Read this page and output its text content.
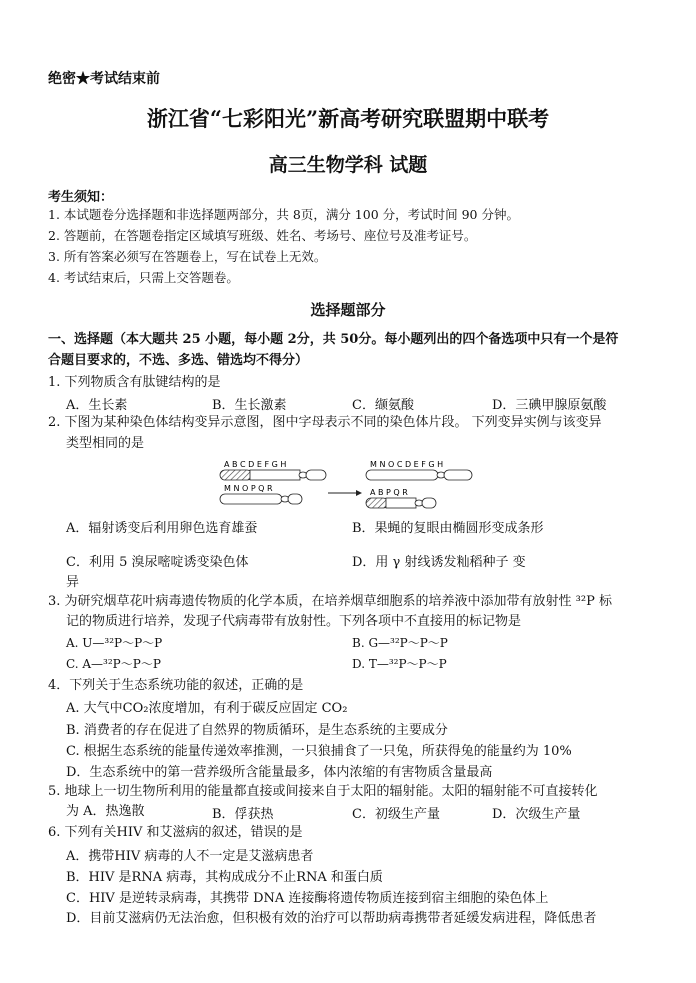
绝密★考试结束前
浙江省“七彩阳光”新高考研究联盟期中联考
高三生物学科 试题
考生须知：
1. 本试题卷分选择题和非选择题两部分，共 8页，满分 100 分，考试时间 90 分钟。
2. 答题前，在答题卷指定区域填写班级、姓名、考场号、座位号及准考证号。
3. 所有答案必须写在答题卷上，写在试卷上无效。
4. 考试结束后，只需上交答题卷。
选择题部分
一、选择题（本大题共 25 小题，每小题 2分，共 50分。每小题列出的四个备选项中只有一个是符
合题目要求的，不选、多选、错选均不得分）
1. 下列物质含有肽键结构的是
A．生长素	B．生长激素	C．缬氨酸	D．三碘甲腺原氨酸
2. 下图为某种染色体结构变异示意图，图中字母表示不同的染色体片段。 下列变异实例与该变异
类型相同的是
A B C D E F G H
M N O P Q R
M N O C D E F G H
A B P Q R
A．辐射诱变后利用卵色选育雄蚕	B．果蝇的复眼由椭圆形变成条形
C．利用 5 溴尿嘧啶诱变染色体	D．用 γ 射线诱发籼稻种子 变
异
3. 为研究烟草花叶病毒遗传物质的化学本质，在培养烟草细胞系的培养液中添加带有放射性 ³²P 标
记的物质进行培养，发现子代病毒带有放射性。下列各项中不直接用的标记物是
A. U—³²P～P～P	B. G—³²P～P～P
C. A—³²P～P～P	D. T—³²P～P～P
4．下列关于生态系统功能的叙述，正确的是
A. 大气中CO₂浓度增加，有利于碳反应固定 CO₂
B. 消费者的存在促进了自然界的物质循环，是生态系统的主要成分
C. 根据生态系统的能量传递效率推测，一只狼捕食了一只兔，所获得兔的能量约为 10%
D．生态系统中的第一营养级所含能量最多，体内浓缩的有害物质含量最高
5. 地球上一切生物所利用的能量都直接或间接来自于太阳的辐射能。太阳的辐射能不可直接转化
为 A．热逸散	B．俘获热	C．初级生产量	D．次级生产量
6. 下列有关HIV 和艾滋病的叙述，错误的是
A．携带HIV 病毒的人不一定是艾滋病患者
B．HIV 是RNA 病毒，其构成成分不止RNA 和蛋白质
C．HIV 是逆转录病毒，其携带 DNA 连接酶将遗传物质连接到宿主细胞的染色体上
D．目前艾滋病仍无法治愈，但积极有效的治疗可以帮助病毒携带者延缓发病进程，降低患者
